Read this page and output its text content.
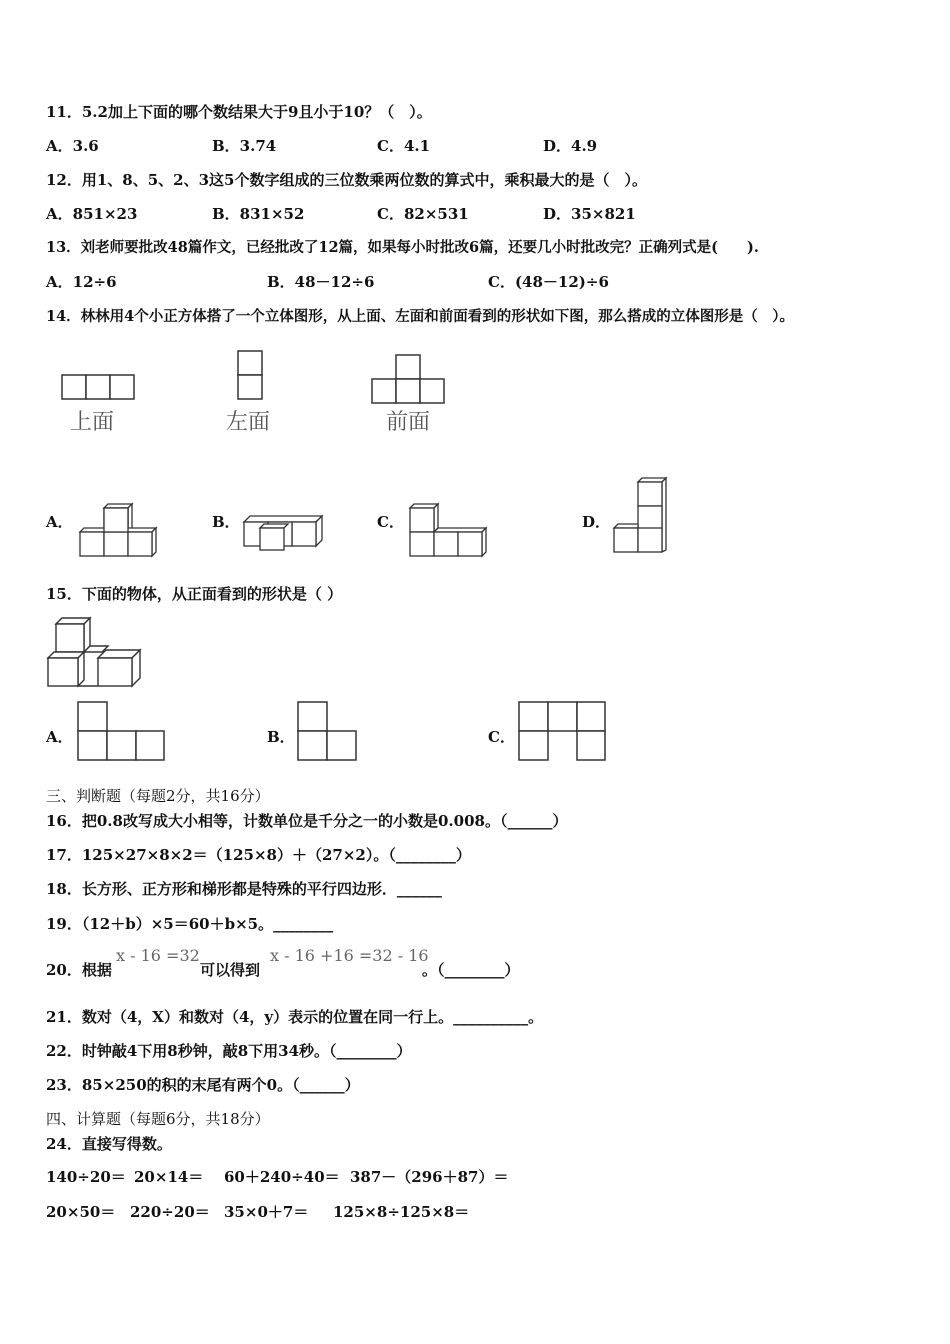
11．5.2加上下面的哪个数结果大于9且小于10？（　）。
A．3.6	B．3.74	C．4.1	D．4.9
12．用1、8、5、2、3这5个数字组成的三位数乘两位数的算式中，乘积最大的是（　）。
A．851×23	B．831×52	C．82×531	D．35×821
13．刘老师要批改48篇作文，已经批改了12篇，如果每小时批改6篇，还要几小时批改完？正确列式是(　　).
A．12÷6	B．48－12÷6	C．(48－12)÷6
14．林林用4个小正方体搭了一个立体图形，从上面、左面和前面看到的形状如下图，那么搭成的立体图形是（　）。
上面	左面	前面
A．	B．	C．	D．
15．下面的物体，从正面看到的形状是（ ）
A．	B．	C．
三、判断题（每题2分，共16分）
16．把0.8改写成大小相等，计数单位是千分之一的小数是0.008。（______）
17．125×27×8×2＝（125×8）＋（27×2）。（________）
18．长方形、正方形和梯形都是特殊的平行四边形．______
19．（12＋b）×5＝60＋b×5。________
20．根据
x - 16 =32
可以得到
x - 16 +16 =32 - 16
。（________）
21．数对（4，X）和数对（4，y）表示的位置在同一行上。__________。
22．时钟敲4下用8秒钟，敲8下用34秒。（________）
23．85×250的积的末尾有两个0。（______）
四、计算题（每题6分，共18分）
24．直接写得数。
140÷20＝ 20×14＝ 60＋240÷40＝ 387－（296＋87）＝
20×50＝ 220÷20＝ 35×0＋7＝ 125×8÷125×8＝
